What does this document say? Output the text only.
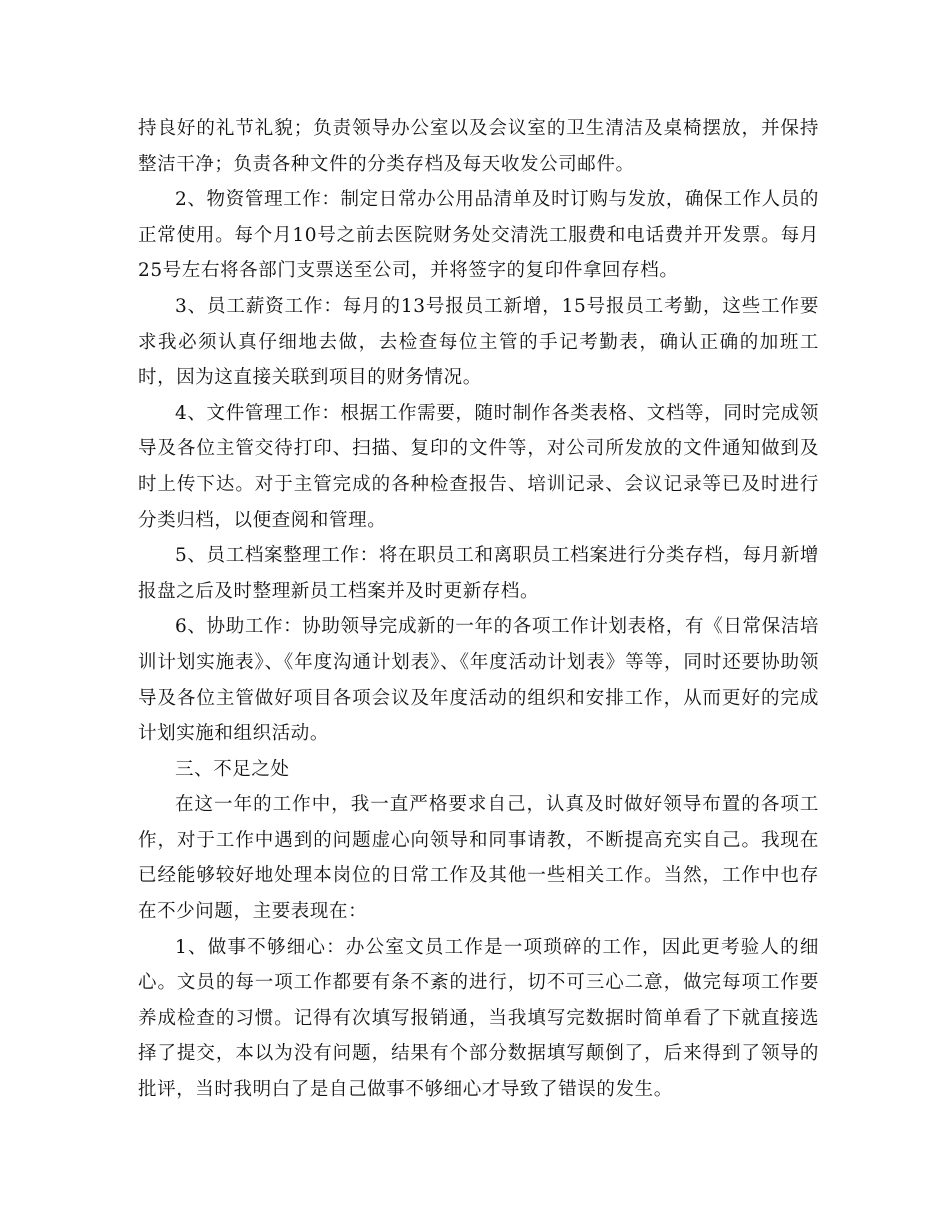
持良好的礼节礼貌；负责领导办公室以及会议室的卫生清洁及桌椅摆放，并保持整洁干净；负责各种文件的分类存档及每天收发公司邮件。

2、物资管理工作：制定日常办公用品清单及时订购与发放，确保工作人员的正常使用。每个月10号之前去医院财务处交清洗工服费和电话费并开发票。每月25号左右将各部门支票送至公司，并将签字的复印件拿回存档。

3、员工薪资工作：每月的13号报员工新增，15号报员工考勤，这些工作要求我必须认真仔细地去做，去检查每位主管的手记考勤表，确认正确的加班工时，因为这直接关联到项目的财务情况。

4、文件管理工作：根据工作需要，随时制作各类表格、文档等，同时完成领导及各位主管交待打印、扫描、复印的文件等，对公司所发放的文件通知做到及时上传下达。对于主管完成的各种检查报告、培训记录、会议记录等已及时进行分类归档，以便查阅和管理。

5、员工档案整理工作：将在职员工和离职员工档案进行分类存档，每月新增报盘之后及时整理新员工档案并及时更新存档。

6、协助工作：协助领导完成新的一年的各项工作计划表格，有《日常保洁培训计划实施表》、《年度沟通计划表》、《年度活动计划表》等等，同时还要协助领导及各位主管做好项目各项会议及年度活动的组织和安排工作，从而更好的完成计划实施和组织活动。

三、不足之处

在这一年的工作中，我一直严格要求自己，认真及时做好领导布置的各项工作，对于工作中遇到的问题虚心向领导和同事请教，不断提高充实自己。我现在已经能够较好地处理本岗位的日常工作及其他一些相关工作。当然，工作中也存在不少问题，主要表现在：

1、做事不够细心：办公室文员工作是一项琐碎的工作，因此更考验人的细心。文员的每一项工作都要有条不紊的进行，切不可三心二意，做完每项工作要养成检查的习惯。记得有次填写报销通，当我填写完数据时简单看了下就直接选择了提交，本以为没有问题，结果有个部分数据填写颠倒了，后来得到了领导的批评，当时我明白了是自己做事不够细心才导致了错误的发生。
